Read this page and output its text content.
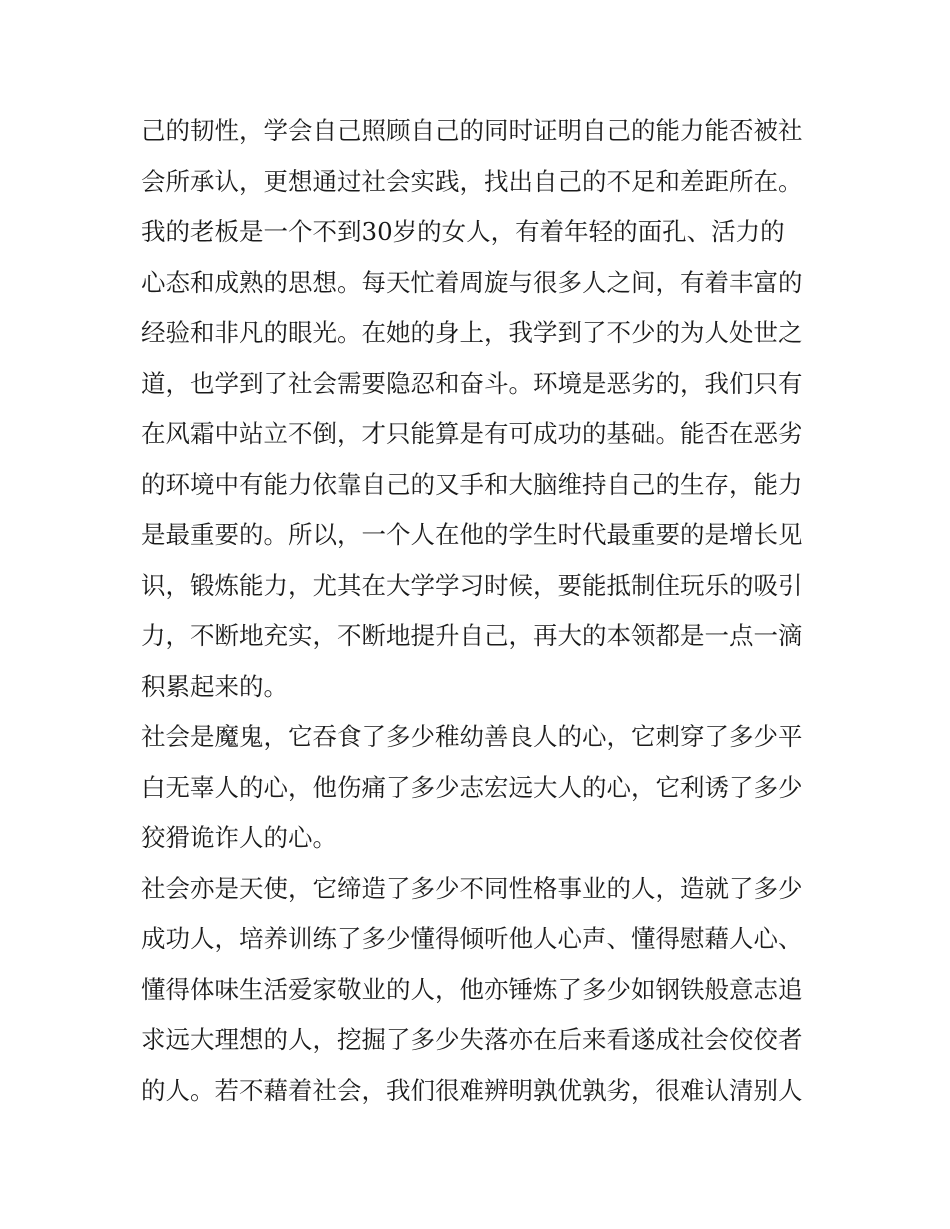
己的韧性，学会自己照顾自己的同时证明自己的能力能否被社
会所承认，更想通过社会实践，找出自己的不足和差距所在。
我的老板是一个不到30岁的女人，有着年轻的面孔、活力的
心态和成熟的思想。每天忙着周旋与很多人之间，有着丰富的
经验和非凡的眼光。在她的身上，我学到了不少的为人处世之
道，也学到了社会需要隐忍和奋斗。环境是恶劣的，我们只有
在风霜中站立不倒，才只能算是有可成功的基础。能否在恶劣
的环境中有能力依靠自己的又手和大脑维持自己的生存，能力
是最重要的。所以，一个人在他的学生时代最重要的是增长见
识，锻炼能力，尤其在大学学习时候，要能抵制住玩乐的吸引
力，不断地充实，不断地提升自己，再大的本领都是一点一滴
积累起来的。
社会是魔鬼，它吞食了多少稚幼善良人的心，它刺穿了多少平
白无辜人的心，他伤痛了多少志宏远大人的心，它利诱了多少
狡猾诡诈人的心。
社会亦是天使，它缔造了多少不同性格事业的人，造就了多少
成功人，培养训练了多少懂得倾听他人心声、懂得慰藉人心、
懂得体味生活爱家敬业的人，他亦锤炼了多少如钢铁般意志追
求远大理想的人，挖掘了多少失落亦在后来看遂成社会佼佼者
的人。若不藉着社会，我们很难辨明孰优孰劣，很难认清别人
